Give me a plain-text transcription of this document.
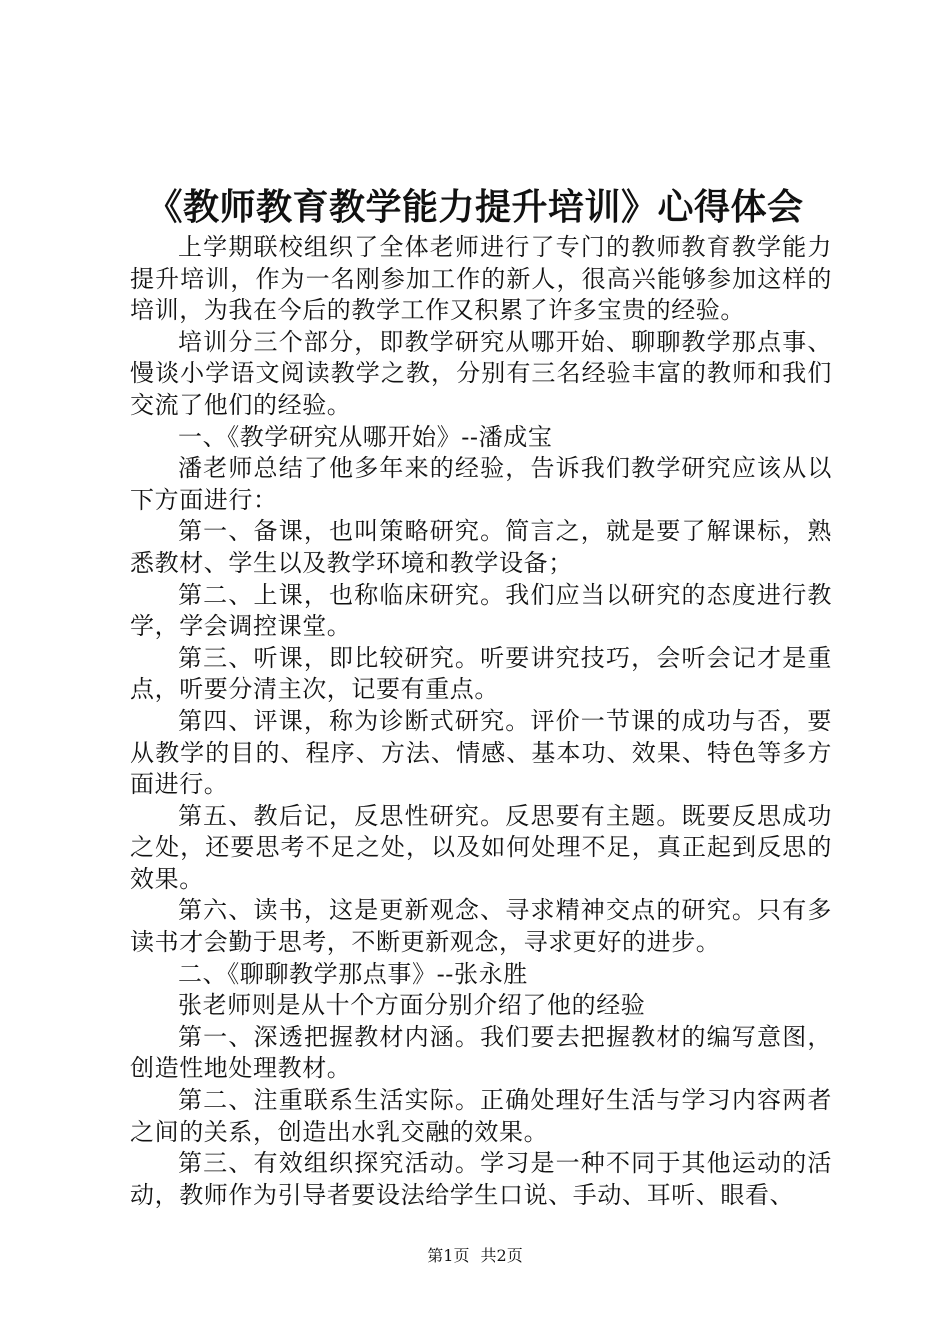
《教师教育教学能力提升培训》心得体会

上学期联校组织了全体老师进行了专门的教师教育教学能力提升培训，作为一名刚参加工作的新人，很高兴能够参加这样的培训，为我在今后的教学工作又积累了许多宝贵的经验。

培训分三个部分，即教学研究从哪开始、聊聊教学那点事、慢谈小学语文阅读教学之教，分别有三名经验丰富的教师和我们交流了他们的经验。

一、《教学研究从哪开始》--潘成宝

潘老师总结了他多年来的经验，告诉我们教学研究应该从以下方面进行：

第一、备课，也叫策略研究。简言之，就是要了解课标，熟悉教材、学生以及教学环境和教学设备；

第二、上课，也称临床研究。我们应当以研究的态度进行教学，学会调控课堂。

第三、听课，即比较研究。听要讲究技巧，会听会记才是重点，听要分清主次，记要有重点。

第四、评课，称为诊断式研究。评价一节课的成功与否，要从教学的目的、程序、方法、情感、基本功、效果、特色等多方面进行。

第五、教后记，反思性研究。反思要有主题。既要反思成功之处，还要思考不足之处，以及如何处理不足，真正起到反思的效果。

第六、读书，这是更新观念、寻求精神交点的研究。只有多读书才会勤于思考，不断更新观念，寻求更好的进步。

二、《聊聊教学那点事》--张永胜

张老师则是从十个方面分别介绍了他的经验

第一、深透把握教材内涵。我们要去把握教材的编写意图，创造性地处理教材。

第二、注重联系生活实际。正确处理好生活与学习内容两者之间的关系，创造出水乳交融的效果。

第三、有效组织探究活动。学习是一种不同于其他运动的活动，教师作为引导者要设法给学生口说、手动、耳听、眼看、

第1页 共2页
